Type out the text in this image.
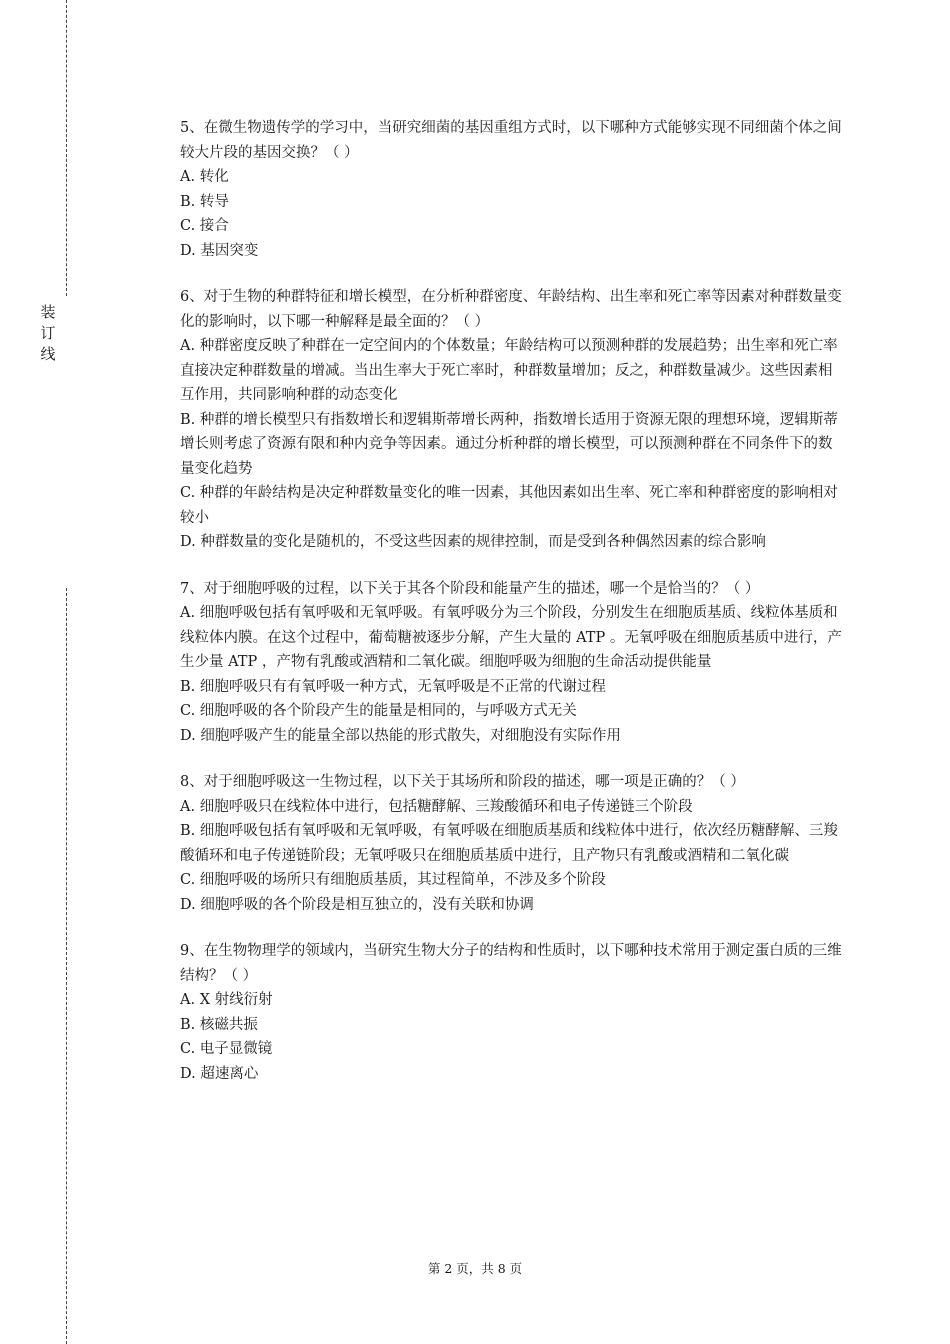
装
订
线

5、在微生物遗传学的学习中，当研究细菌的基因重组方式时，以下哪种方式能够实现不同细菌个体之间较大片段的基因交换？（ ）

A. 转化

B. 转导

C. 接合

D. 基因突变

6、对于生物的种群特征和增长模型，在分析种群密度、年龄结构、出生率和死亡率等因素对种群数量变化的影响时，以下哪一种解释是最全面的？（ ）

A. 种群密度反映了种群在一定空间内的个体数量；年龄结构可以预测种群的发展趋势；出生率和死亡率直接决定种群数量的增减。当出生率大于死亡率时，种群数量增加；反之，种群数量减少。这些因素相互作用，共同影响种群的动态变化

B. 种群的增长模型只有指数增长和逻辑斯蒂增长两种，指数增长适用于资源无限的理想环境，逻辑斯蒂增长则考虑了资源有限和种内竞争等因素。通过分析种群的增长模型，可以预测种群在不同条件下的数量变化趋势

C. 种群的年龄结构是决定种群数量变化的唯一因素，其他因素如出生率、死亡率和种群密度的影响相对较小

D. 种群数量的变化是随机的，不受这些因素的规律控制，而是受到各种偶然因素的综合影响

7、对于细胞呼吸的过程，以下关于其各个阶段和能量产生的描述，哪一个是恰当的？（ ）

A. 细胞呼吸包括有氧呼吸和无氧呼吸。有氧呼吸分为三个阶段，分别发生在细胞质基质、线粒体基质和线粒体内膜。在这个过程中，葡萄糖被逐步分解，产生大量的 ATP 。无氧呼吸在细胞质基质中进行，产生少量 ATP ，产物有乳酸或酒精和二氧化碳。细胞呼吸为细胞的生命活动提供能量

B. 细胞呼吸只有有氧呼吸一种方式，无氧呼吸是不正常的代谢过程

C. 细胞呼吸的各个阶段产生的能量是相同的，与呼吸方式无关

D. 细胞呼吸产生的能量全部以热能的形式散失，对细胞没有实际作用

8、对于细胞呼吸这一生物过程，以下关于其场所和阶段的描述，哪一项是正确的？（ ）

A. 细胞呼吸只在线粒体中进行，包括糖酵解、三羧酸循环和电子传递链三个阶段

B. 细胞呼吸包括有氧呼吸和无氧呼吸，有氧呼吸在细胞质基质和线粒体中进行，依次经历糖酵解、三羧酸循环和电子传递链阶段；无氧呼吸只在细胞质基质中进行，且产物只有乳酸或酒精和二氧化碳

C. 细胞呼吸的场所只有细胞质基质，其过程简单，不涉及多个阶段

D. 细胞呼吸的各个阶段是相互独立的，没有关联和协调

9、在生物物理学的领域内，当研究生物大分子的结构和性质时，以下哪种技术常用于测定蛋白质的三维结构？（ ）

A. X 射线衍射

B. 核磁共振

C. 电子显微镜

D. 超速离心

第 2 页，共 8 页
